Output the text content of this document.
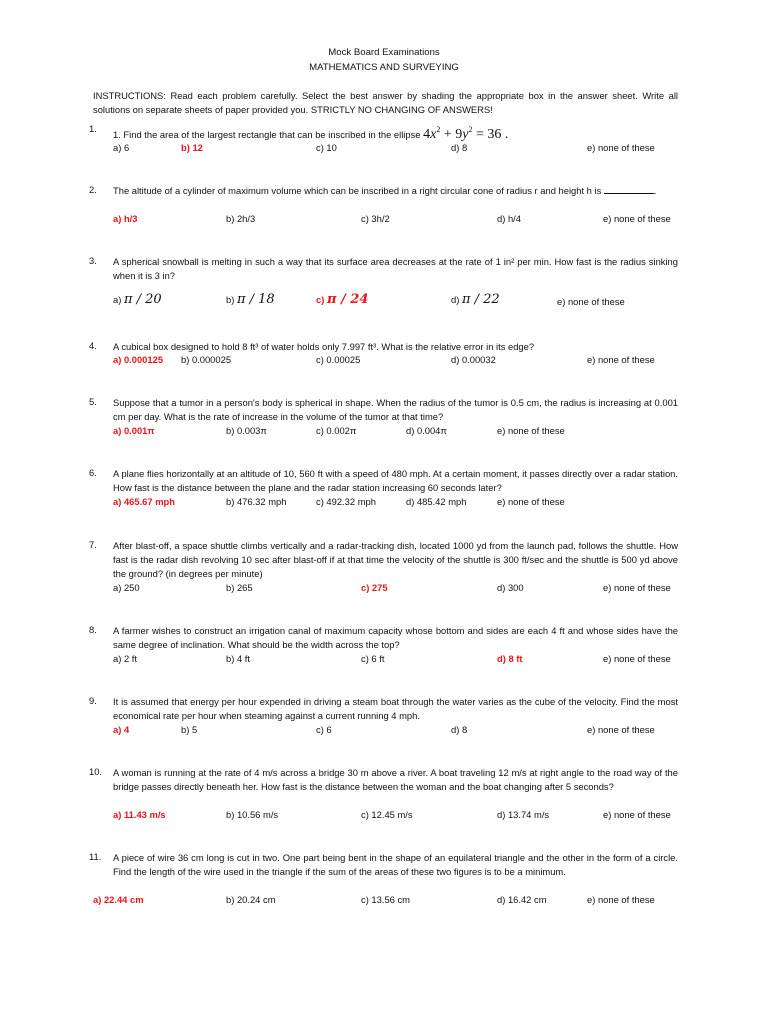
Mock Board Examinations
MATHEMATICS AND SURVEYING
INSTRUCTIONS: Read each problem carefully. Select the best answer by shading the appropriate box in the answer sheet. Write all solutions on separate sheets of paper provided you. STRICTLY NO CHANGING OF ANSWERS!
1.
1. Find the area of the largest rectangle that can be inscribed in the ellipse $4x^2 + 9y^2 = 36$ .
a) 6	b) 12	c) 10	d) 8	e) none of these
2. The altitude of a cylinder of maximum volume which can be inscribed in a right circular cone of radius r and height h is	.
a) h/3	b) 2h/3	c) 3h/2	d) h/4	e) none of these
3. A spherical snowball is melting in such a way that its surface area decreases at the rate of 1 in² per min. How fast is the radius sinking when it is 3 in?
a) π / 20	b) π / 18	c) π / 24	d) π / 22	e) none of these
4. A cubical box designed to hold 8 ft³ of water holds only 7.997 ft³. What is the relative error in its edge?
a) 0.000125 b) 0.000025	c) 0.00025	d) 0.00032	e) none of these
5. Suppose that a tumor in a person's body is spherical in shape. When the radius of the tumor is 0.5 cm, the radius is increasing at 0.001 cm per day. What is the rate of increase in the volume of the tumor at that time?
a) 0.001π	b) 0.003π	c) 0.002π	d) 0.004π	e) none of these
6. A plane flies horizontally at an altitude of 10, 560 ft with a speed of 480 mph. At a certain moment, it passes directly over a radar station. How fast is the distance between the plane and the radar station increasing 60 seconds later?
a) 465.67 mph	b) 476.32 mph	c) 492.32 mph	d) 485.42 mph	e) none of these
7. After blast-off, a space shuttle climbs vertically and a radar-tracking dish, located 1000 yd from the launch pad, follows the shuttle. How fast is the radar dish revolving 10 sec after blast-off if at that time the velocity of the shuttle is 300 ft/sec and the shuttle is 500 yd above the ground? (in degrees per minute)
a) 250	b) 265	c) 275	d) 300	e) none of these
8. A farmer wishes to construct an irrigation canal of maximum capacity whose bottom and sides are each 4 ft and whose sides have the same degree of inclination. What should be the width across the top?
a) 2 ft	b) 4 ft	c) 6 ft	d) 8 ft	e) none of these
9. It is assumed that energy per hour expended in driving a steam boat through the water varies as the cube of the velocity. Find the most economical rate per hour when steaming against a current running 4 mph.
a) 4	b) 5	c) 6	d) 8	e) none of these
10. A woman is running at the rate of 4 m/s across a bridge 30 m above a river. A boat traveling 12 m/s at right angle to the road way of the bridge passes directly beneath her. How fast is the distance between the woman and the boat changing after 5 seconds?
a) 11.43 m/s	b) 10.56 m/s	c) 12.45 m/s	d) 13.74 m/s	e) none of these
11. A piece of wire 36 cm long is cut in two. One part being bent in the shape of an equilateral triangle and the other in the form of a circle. Find the length of the wire used in the triangle if the sum of the areas of these two figures is to be a minimum.
a) 22.44 cm	b) 20.24 cm	c) 13.56 cm	d) 16.42 cm	e) none of these
